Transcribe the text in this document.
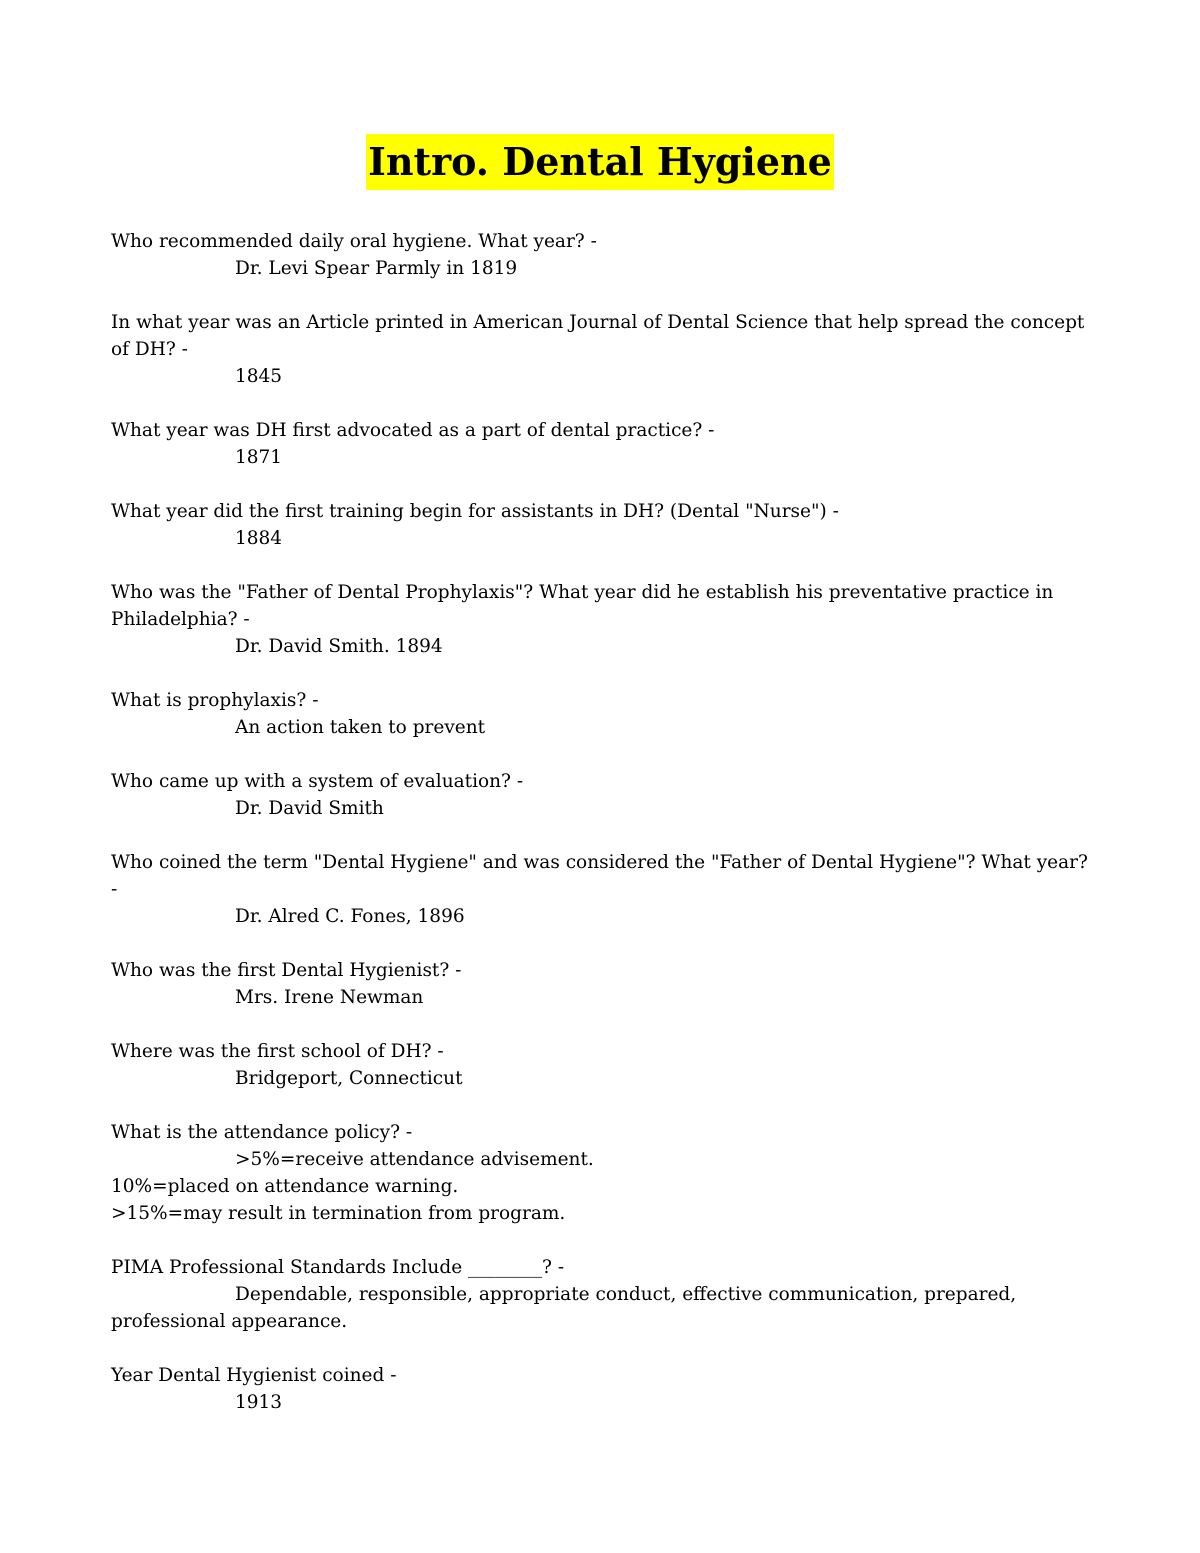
Intro. Dental Hygiene

Who recommended daily oral hygiene. What year? -

Dr. Levi Spear Parmly in 1819

In what year was an Article printed in American Journal of Dental Science that help spread the concept of DH? -

1845

What year was DH first advocated as a part of dental practice? -

1871

What year did the first training begin for assistants in DH? (Dental "Nurse") -

1884

Who was the "Father of Dental Prophylaxis"? What year did he establish his preventative practice in Philadelphia? -

Dr. David Smith. 1894

What is prophylaxis? -

An action taken to prevent

Who came up with a system of evaluation? -

Dr. David Smith

Who coined the term "Dental Hygiene" and was considered the "Father of Dental Hygiene"? What year? -

Dr. Alred C. Fones, 1896

Who was the first Dental Hygienist? -

Mrs. Irene Newman

Where was the first school of DH? -

Bridgeport, Connecticut

What is the attendance policy? -

>5%=receive attendance advisement.

10%=placed on attendance warning.

>15%=may result in termination from program.

PIMA Professional Standards Include ________? -

Dependable, responsible, appropriate conduct, effective communication, prepared, professional appearance.

Year Dental Hygienist coined -

1913
